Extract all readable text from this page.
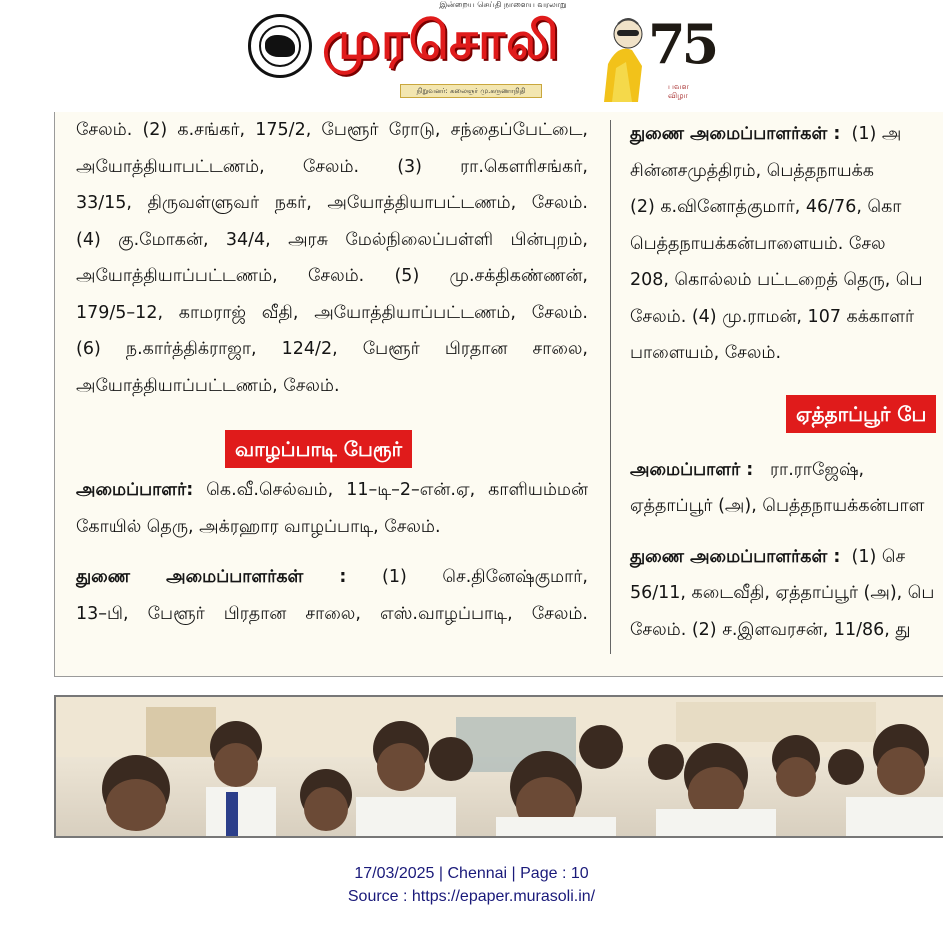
இன்றைய செய்தி நாளைய வரலாறு
முரசொலி
நிறுவனர்: கலைஞர் மு.கருணாநிதி
75
பவள விழா
சேலம். (2) க.சங்கர், 175/2, பேளூர் ரோடு, சந்தைப்பேட்டை,
அயோத்தியாபட்டணம், சேலம். (3) ரா.கௌரிசங்கர்,
33/15, திருவள்ளுவர் நகர், அயோத்தியாபட்டணம், சேலம்.
(4) கு.மோகன், 34/4, அரசு மேல்நிலைப்பள்ளி பின்புறம்,
அயோத்தியாப்பட்டணம், சேலம். (5) மு.சக்திகண்ணன்,
179/5–12, காமராஜ் வீதி, அயோத்தியாப்பட்டணம், சேலம்.
(6) ந.கார்த்திக்ராஜா, 124/2, பேளூர் பிரதான சாலை,
அயோத்தியாப்பட்டணம், சேலம்.
அமைப்பாளர்: கெ.வீ.செல்வம், 11–டி–2–என்.ஏ, காளியம்மன்
கோயில் தெரு, அக்ரஹார வாழப்பாடி, சேலம்.
துணை அமைப்பாளர்கள் : (1) செ.தினேஷ்குமார்,
13–பி, பேளூர் பிரதான சாலை, எஸ்.வாழப்பாடி, சேலம்.
துணை அமைப்பாளர்கள் : (1) அ
சின்னசமுத்திரம், பெத்தநாயக்க
(2) க.வினோத்குமார், 46/76, கொ
பெத்தநாயக்கன்பாளையம். சேல
208, கொல்லம் பட்டறைத் தெரு, பெ
சேலம். (4) மு.ராமன், 107 கக்காளர்
பாளையம், சேலம்.
அமைப்பாளர் : ரா.ராஜேஷ்,
ஏத்தாப்பூர் (அ), பெத்தநாயக்கன்பாள
துணை அமைப்பாளர்கள் : (1) செ
56/11, கடைவீதி, ஏத்தாப்பூர் (அ), பெ
சேலம். (2) ச.இளவரசன், 11/86, து
வாழப்பாடி பேரூர்
ஏத்தாப்பூர் பே
17/03/2025 | Chennai | Page : 10
Source : https://epaper.murasoli.in/
